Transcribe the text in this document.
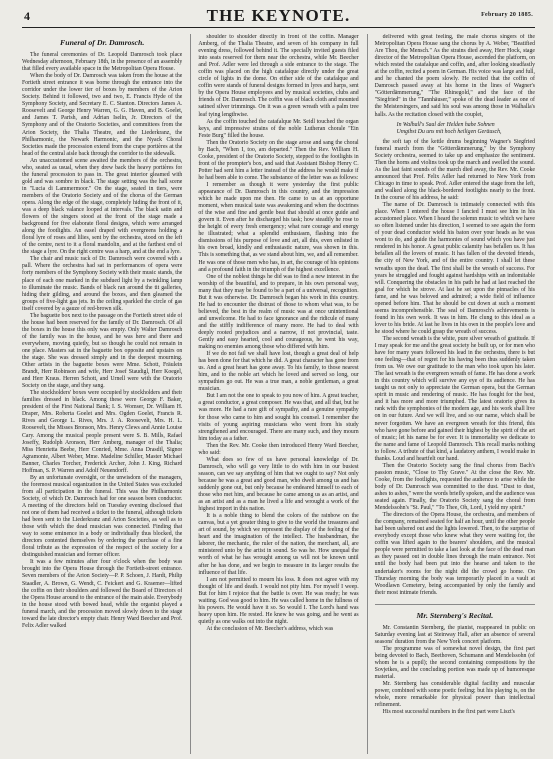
4	THE KEYNOTE.	February 20 1885.
Funeral of Dr. Damrosch.

The funeral ceremonies of Dr. Leopold Damrosch took place Wednesday afternoon, February 18th, in the presence of an assembly that filled every available space in the Metropolitan Opera House.

When the body of Dr. Damrosch was taken from the house at the Fortieth street entrance it was borne through the entrance into the corridor under the lower tier of boxes by members of the Arion Society. Behind it followed, two and two, E. Francis Hyde of the Symphony Society, and Secretary E. C. Stanton. Directors James A. Roosevelt and George Henry Warren, G. G. Haven, and B. Goelet, and James T. Parish, and Adrian Iselin, Jr. Directors of the Symphony and of the Oratorio Societies, and committees from the Arion Society, the Thalia Theatre, and the Liederkranz, the Philharmonic, the Newark Harmonic, and the Nyack Choral Societies made the procession extend from the crape portières at the head of the central aisle back through the corridor to the sidewalk.

An unaccustomed scene awaited the members of the orchestra, who, seated as usual, when they drew back the heavy portières for the funeral procession to pass in. The great interior gleamed with gold and was sombre in black. The stage setting was the hall scene in "Lucia di Lammermoor." On the stage, seated in tiers, were members of the Oratorio Society and of the chorus of the German opera. Along the edge of the stage, completely hiding the front of it, was a deep black valance looped at intervals. The black satin and flowers of the singers stood at the front of the stage made a background for five elaborate floral designs, which were arranged along the footlights. An easel draped with evergreens holding a floral lyre of roses and lilies, sent by the orchestra, stood on the left of the centre, next to it a floral mandolin, and at the farthest end of the stage a lyre. On the right centre was a harp, and at the end a lyre.

The chair and music rack of Dr. Damrosch were covered with a pall. Where the orchestra had sat in performances of opera were forty members of the Symphony Society with their music stands, the place of each one marked in the subdued light by a twinkling lamp to illuminate the music. Bands of black ran around the tit galleries, hiding their gilding, and around the boxes, and then gleamed the groups of five-light gas jets. In the ceiling sparkled the circle of gas itself covered by a gauze of red-brown silk.

The baguette box next to the passage on the Fortieth street side of the house had been reserved for the family of Dr. Damrosch. Of all the boxes in the house this only was empty. Only Walter Damrosch of the family was in the house, and he was here and there and everywhere, moving quietly, but so though he could not remain in one place. Masters sat in the baguette box opposite and upstairs on the stage. She was dressed simply and in the deepest mourning. Other artists in the baguette boxes were Mme. Schott, Fräulein Brandt, Herr Robinson and wife, Herr Josef Staudigl, Herr Koegel, and Herr Kraus. Herren Schott, and Urnell were with the Oratorio Society on the stage, and they sang.

The stockholders' boxes were occupied by stockholders and their families dressed in black. Among these were George F. Baker, president of the First National Bank; I. S. Womser, Dr. William H. Draper, Mrs. Roberta Goelet and Mrs. Ogden Goelet, Francis R. Rives and George L. Rives, Mrs. J. A. Roosevelt, Mrs. H. L. Roosevelt, the Misses Bronson, Mrs. Henry Clews and Annie Louise Cary. Among the musical people present were S. B. Mills, Rafael Joseffy, Rudolph Aronson, Herr Amberg, manager of the Thalia; Miss Henrietta Beebe, Herr Conried, Mme. Anna Drasdil, Signor Agramonte, Albert Weber, Mme. Madeline Schiller, Master Michael Banner, Charles Torcher, Frederick Archer, John J. King, Richard Hoffman, S. P. Warren and Adolf Neuendorff.

By an unfortunate oversight, or the unwisdom of the managers, the foremost musical organization in the United States was excluded from all participation in the funeral. This was the Philharmonic Society, of which Dr. Damrosch had for one season been conductor. A meeting of the directors held on Tuesday evening disclosed that not one of them had received a ticket to the funeral, although tickets had been sent to the Liederkranz and Arion Societies, as well as to those with which the dead musician was connected. Finding that way to some eminence in a body or individually thus blocked, the directors contented themselves by ordering the purchase of a fine floral tribute as the expression of the respect of the society for a distinguished musician and former officer.

It was a few minutes after four o'clock when the body was brought into the Opera House through the Fortieth-street entrance. Seven members of the Arion Society—P. P. Schoen, J. Hardt, Philip Staadler, A. Brown, G. Wendt, C. Feickert and G. Kraemer—lifted the coffin on their shoulders and followed the Board of Directors of the Opera House around to the entrance of the main aisle. Everybody in the house stood with bowed head, while the organist played a funeral march, and the procession moved slowly down to the stage toward the late director's empty chair. Henry Ward Beecher and Prof. Felix Adler walked

shoulder to shoulder directly in front of the coffin. Manager Amberg, of the Thalia Theatre, and seven of his company in full evening dress, followed behind it. The specially invited guests filed into seats reserved for them near the orchestra, while Mr. Beecher and Prof. Adler were led through a side entrance to the stage. The coffin was placed on the high catafalque directly under the great circle of lights in the dome. On either side of the catafalque and coffin were stands of funeral designs formed in lyres and harps, sent by the Opera House employees and by musical societies, clubs and friends of Dr. Damrosch. The coffin was of black cloth and mounted satined silver trimmings. On it was a green wreath with a palm tree leaf tying lengthwise.

As the coffin touched the catafalque Mr. Seidl touched the organ keys, and impressive strains of the noble Lutheran chorale "Ein Feste Burg" filled the house.

Then the Oratorio Society on the stage arose and sang the choral by Bach, "When I, too, am departed." Then the Rev. William H. Cooke, president of the Oratorio Society, stepped to the footlights in front of the prompter's box, and said that Assistant Bishop Henry C. Potter had sent him a letter instead of the address he would make if he had been able to come. The substance of the letter was as follows:

I remember as though it were yesterday the first public appearance of Dr. Damrosch in this country, and the impression which he made upon me then. He came to us at an opportune moment, when musical taste was awakening and when the doctrines of the wise and fine and gentle beat that should at once guide and govern it. Even after he discharged his task; how steadily he rose to the height of every fresh emergency; what rare courage and energy he illustrated; what a splendid enthusiasm, flashing into the dismissions of his purpose of love and art, all this, even enlisted in his own broad, kindly and enthusiastic nature, was shown in this. This is something that, as we stand about him, we, and all remember. He was one of those men who has, in art, the courage of his opinions and a profound faith in the triumph of the highest excellence.

One of the noblest things he did was to find a new interest in the worship of the beautiful, and to prepare, in his own personal way, many that they may be found to be a part of a universal, recognition. But it was otherwise. Dr. Damrosch began his work in this country. He had to encounter the distrust of those to whom what was, to be believed, the best in the realm of music was at once unintentional and unwelcome. He had to face ignorance and the ridicule of many and the stiffly indifference of many more. He had to deal with deeply rooted prejudices and a narrow, if not provincial, taste. Gently and easy hearted, cool and courageous, he went his way, making no enemies among those who differed with him.

If we do not fail we shall have lost, though a great deal of help has been done for that which he did. A great character has gone from us. And a great heart has gone away. To his family, to those nearest him, and to the noble art which he loved and served so long, our sympathies go out. He was a true man, a noble gentleman, a great musician.

But I am not the one to speak to you now of him. A great teacher, a great conductor, a great composer. He was that, and all that, but he was more. He had a rare gift of sympathy, and a genuine sympathy for those who came to him and sought his counsel. I remember the visits of young aspiring musicians who went from his study strengthened and encouraged. There are many such, and they mourn him today as a father.

Then the Rev. Mr. Cooke then introduced Henry Ward Beecher, who said:

What does so few of us have personal knowledge of Dr. Damrosch, who will go very little to do with him in our busiest season, can we say anything of him that we ought to say? Not only because he was a great and good man, who dwelt among us and has suddenly gone out, but only because he endeared himself to each of those who met him, and because he came among us as an artist, and as an artist and as a man he lived a life and wrought a work of the highest import in this nation.

It is a noble thing to blend the colors of the rainbow on the canvas, but a yet greater thing to give to the world the treasures and art of sound, by which we represent the display of the feeling of the heart and the imagination of the intellect. The husbandman, the laborer, the mechanic, the ruler of the nation, the merchant, all, are ministered unto by the artist in sound. So was he. How unequal the worth of what he has wrought among us will not be known until after he has done, and we begin to measure in its larger results the influence of that life.

I am not permitted to mourn his loss. It does not agree with my thought of life and death. I would not pity him. For myself I weep. But for him I rejoice that the battle is over. He was ready; he was waiting. God was good to him. He was called home in the fullness of his powers. He would have it so. So would I. The Lord's hand was heavy upon him. He rested. He knew he was going, and he went as quietly as one walks out into the night.

At the conclusion of Mr. Beecher's address, which was

delivered with great feeling, the male chorus singers of the Metropolitan Opera House sang the chorus by A. Weber, "Beatified Are Thou, the Mensch." As the strains died away, Herr Hock, stage director of the Metropolitan Opera House, ascended the platform, on which rested the catafalque and coffin, and, after looking steadfastly at the coffin, recited a poem in German. His voice was large and full, and he chanted the poem slowly. He recited that the coffin of Damrosch passed away at his home in the lines of Wagner's "Götterdämmerung," "The Rhinegold," and the face of the "Siegfried" in the "Tannhäuser," spoke of the dead leader as one of the Meistersingers, and said his soul was among those in Walhalla's halls. As the recitation closed with the couplet,

In Walhall's Saal der Helden habe Sohnen
Umgibst Du uns mit hoch heiligen Geräusch,

the soft tap of the kettle drums beginning Wagner's Siegfried funeral march from the "Götterdämmerung," by the Symphony Society orchestra, seemed to take up and emphasize the sentiment. Then the horns and violins took up the march and swelled the sound. As the last faint sounds of the march died away, the Rev. Mr. Cooke announced that Prof. Felix Adler had returned to New York from Chicago in time to speak. Prof. Adler entered the stage from the left, and walked along the black-bordered footlights nearly to the front. In the course of his address, he said:

The name of Dr. Damrosch is intimately connected with this place. When I entered the house I fancied I must see him in his accustomed place. When I heard the solemn music to which we have so often listened under his direction, I seemed to see again the form of your dead conductor wield his baton over your heads as he was wont to do, and guide the harmonies of sound which you have just rendered in his honor. A great public calamity has befallen us. It has befallen all the lovers of music. It has fallen of the devoted friends, the city of New York, and of the entire country. I shall let these wreaths upon the dead. The first shall be the wreath of success. For years he struggled and fought against hardships with an indomitable will. Conquering the obstacles in his path he had at last reached the goal for which he strove. At last he set upon the pinnacles of his fame, and he was beloved and admired; a wide field of influence opened before him. That he should be cut down at such a moment seems incomprehensible. The seal of Damrosch's achievements is found in his own work. It was in him. He clung to this ideal as a lover to his bride. At last he lives in his own in the people's love and he stood where he could grasp the wreath of success.

The second wreath is the white, pure silver wreath of gratitude. If I may speak for me and the great society he built up, or for men who have for many years followed his lead in the orchestra, there is but one feeling—that of regret for his having been thus suddenly taken from us. We owe our gratitude to the man who took upon his later. The last wreath is the evergreen wreath of fame. He has done a work in this country which will survive any eye of its audience. He has taught us not only to appreciate the German opera, but the German spirit in music and rendering of music. He has fought for the best, and it has more and more triumphed. The latest oratorio gives its rank with the symphonies of the modern age, and his work shall live on in our future. And we will live, and so our name, which shall be never forgotten. We have an evergreen wreath for this friend, this who have gone before and gained their highest by the spirit of the art of music; let his name be for ever. It is immortality we dedicate to the name and fame of Leopold Damrosch. This recall marks nothing to follow. A tribute of that kind, a laudatory anthem, I would make in thanks. Loud and heartfelt our hand.

Then the Oratorio Society sang the final chorus from Bach's passion music, "Close to Thy Grave." At the close the Rev. Mr. Cooke, from the footlights, requested the audience to arise while the body of Dr. Damrosch was committed to the dust. "Dust to dust, ashes to ashes," were the words briefly spoken, and the audience was seated again. Finally, the Oratorio Society sang the choral from Mendelssohn's "St. Paul," "To Thee, Oh, Lord, I yield my spirit."

The directors of the Opera House, the orchestra, and members of the company, remained seated for half an hour, until the other people had been ushered out and the lights lowered. Then, to the surprise of everybody except those who knew what they were waiting for, the coffin was lifted again to the bearers' shoulders, and the musical people were permitted to take a last look at the face of the dead man as they passed out in double lines through the main entrance. Not until the body had been put into the hearse and taken to the undertaker's rooms for the night did the crowd go home. On Thursday morning the body was temporarily placed in a vault at Woodlawn Cemetery, being accompanied by only the family and their most intimate friends.

Mr. Sternberg's Recital.

Mr. Constantin Sternberg, the pianist, reappeared in public on Saturday evening last at Steinway Hall, after an absence of several seasons' duration from the New York concert platform.

The programme was of somewhat novel design, the first part being devoted to Bach, Beethoven, Schumann and Mendelssohn (of whom he is a pupil); the second containing compositions by the Sovjetkes, and the concluding portion was made up of humoresque material.

Mr. Sternberg has considerable digital facility and muscular power, combined with some poetic feeling; but his playing is, on the whole, more remarkable for physical power than intellectual refinement.

His most successful numbers in the first part were Liszt's
